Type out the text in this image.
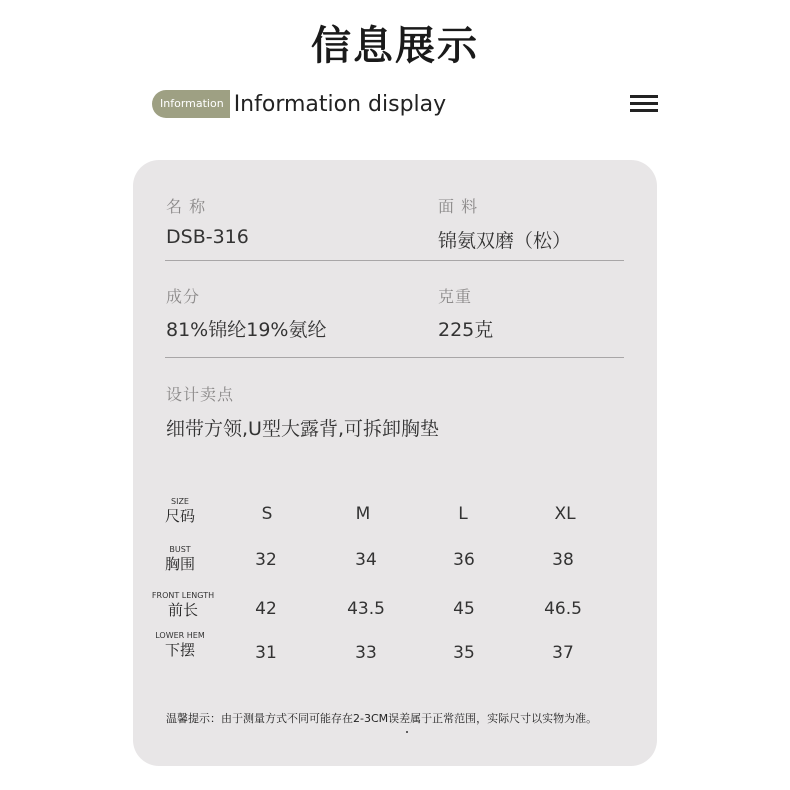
信息展示
Information Information display
名 称
DSB-316
面 料
锦氨双磨（松）
成分
81%锦纶19%氨纶
克重
225克
设计卖点
细带方领,U型大露背,可拆卸胸垫
SIZE
尺码	S	M	L	XL
BUST
胸围	32	34	36	38
FRONT LENGTH
前长	42	43.5	45	46.5
LOWER HEM
下摆	31	33	35	37
温馨提示：由于测量方式不同可能存在2-3CM误差属于正常范围，实际尺寸以实物为准。
